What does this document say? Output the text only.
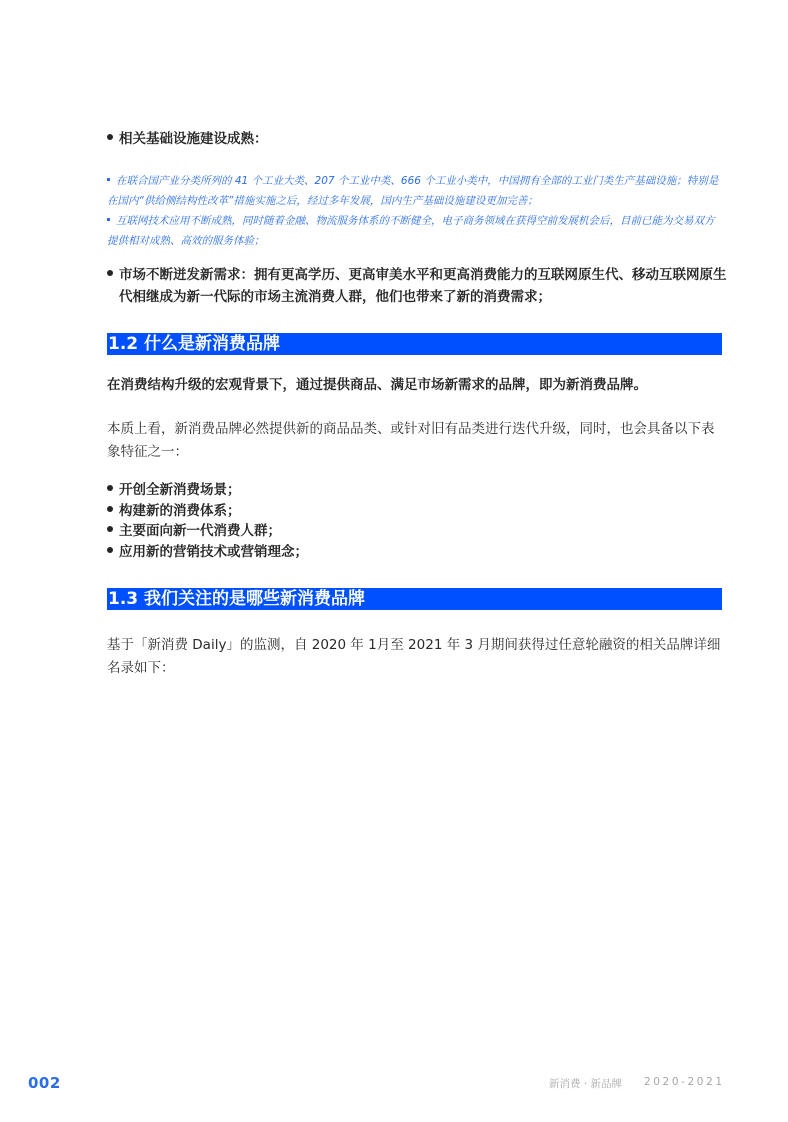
相关基础设施建设成熟：
在联合国产业分类所列的 41 个工业大类、207 个工业中类、666 个工业小类中，中国拥有全部的工业门类生产基础设施；特别是在国内“供给侧结构性改革”措施实施之后，经过多年发展，国内生产基础设施建设更加完善；
互联网技术应用不断成熟，同时随着金融、物流服务体系的不断健全，电子商务领域在获得空前发展机会后，目前已能为交易双方提供相对成熟、高效的服务体验；
市场不断迸发新需求：拥有更高学历、更高审美水平和更高消费能力的互联网原生代、移动互联网原生代相继成为新一代际的市场主流消费人群，他们也带来了新的消费需求；
1.2 什么是新消费品牌
在消费结构升级的宏观背景下，通过提供商品、满足市场新需求的品牌，即为新消费品牌。
本质上看，新消费品牌必然提供新的商品品类、或针对旧有品类进行迭代升级，同时，也会具备以下表象特征之一：
开创全新消费场景；
构建新的消费体系；
主要面向新一代消费人群；
应用新的营销技术或营销理念；
1.3 我们关注的是哪些新消费品牌
基于「新消费 Daily」的监测，自 2020 年 1月至 2021 年 3 月期间获得过任意轮融资的相关品牌详细名录如下：
002	新消费 · 新品牌 2020-2021
